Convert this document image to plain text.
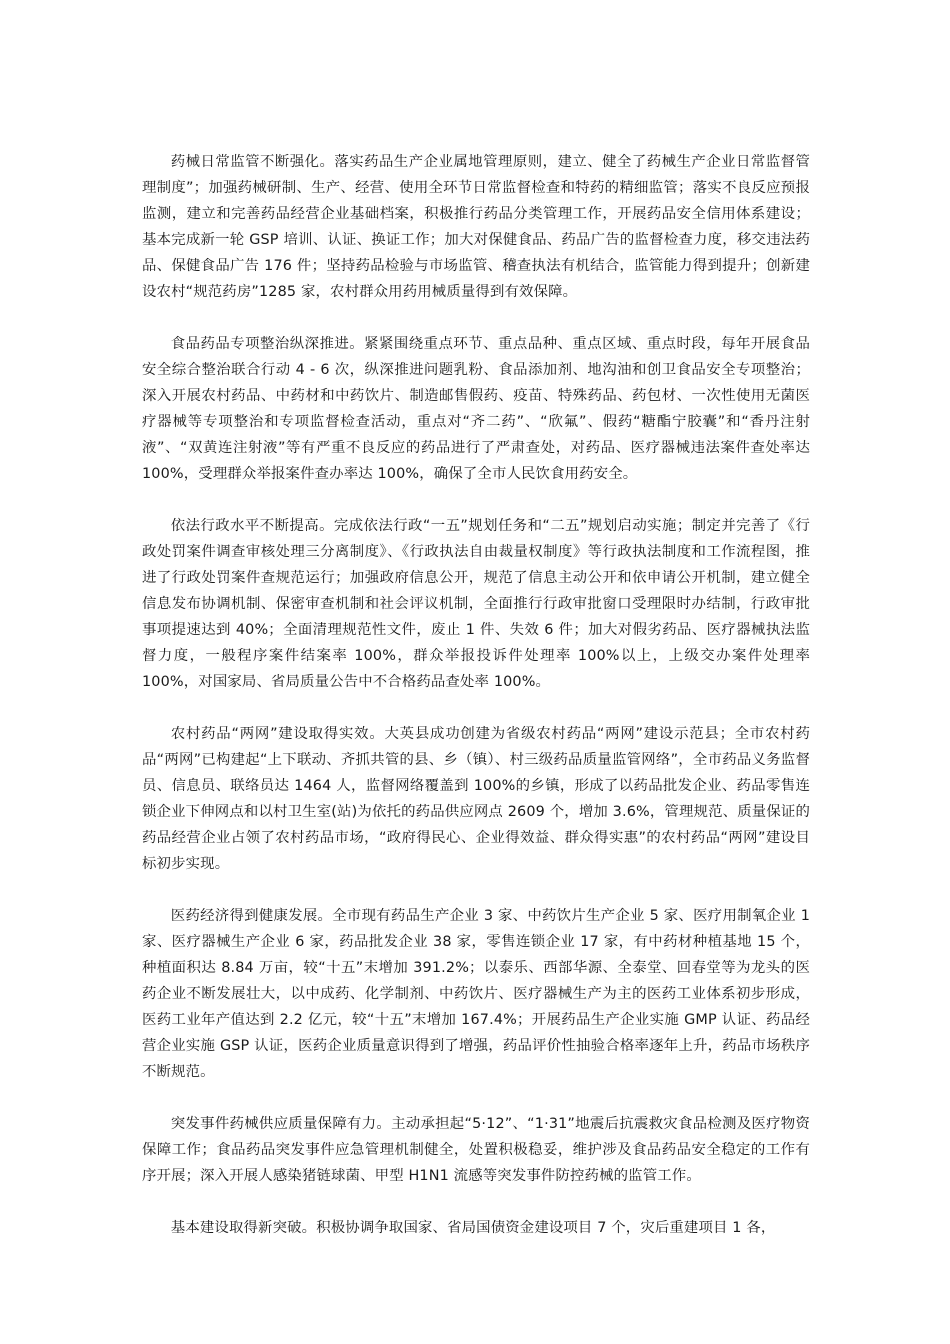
药械日常监管不断强化。落实药品生产企业属地管理原则，建立、健全了药械生产企业日常监督管理制度”；加强药械研制、生产、经营、使用全环节日常监督检查和特药的精细监管；落实不良反应预报监测，建立和完善药品经营企业基础档案，积极推行药品分类管理工作，开展药品安全信用体系建设；基本完成新一轮 GSP 培训、认证、换证工作；加大对保健食品、药品广告的监督检查力度，移交违法药品、保健食品广告 176 件；坚持药品检验与市场监管、稽查执法有机结合，监管能力得到提升；创新建设农村“规范药房”1285 家，农村群众用药用械质量得到有效保障。

食品药品专项整治纵深推进。紧紧围绕重点环节、重点品种、重点区域、重点时段，每年开展食品安全综合整治联合行动 4 - 6 次，纵深推进问题乳粉、食品添加剂、地沟油和创卫食品安全专项整治；深入开展农村药品、中药材和中药饮片、制造邮售假药、疫苗、特殊药品、药包材、一次性使用无菌医疗器械等专项整治和专项监督检查活动，重点对“齐二药”、“欣氟”、假药“糖酯宁胶囊”和“香丹注射液”、“双黄连注射液”等有严重不良反应的药品进行了严肃查处，对药品、医疗器械违法案件查处率达 100%，受理群众举报案件查办率达 100%，确保了全市人民饮食用药安全。

依法行政水平不断提高。完成依法行政“一五”规划任务和“二五”规划启动实施；制定并完善了《行政处罚案件调查审核处理三分离制度》、《行政执法自由裁量权制度》等行政执法制度和工作流程图，推进了行政处罚案件查规范运行；加强政府信息公开，规范了信息主动公开和依申请公开机制，建立健全信息发布协调机制、保密审查机制和社会评议机制，全面推行行政审批窗口受理限时办结制，行政审批事项提速达到 40%；全面清理规范性文件，废止 1 件、失效 6 件；加大对假劣药品、医疗器械执法监督力度，一般程序案件结案率 100%，群众举报投诉件处理率 100%以上，上级交办案件处理率 100%，对国家局、省局质量公告中不合格药品查处率 100%。

农村药品“两网”建设取得实效。大英县成功创建为省级农村药品“两网”建设示范县；全市农村药品“两网”已构建起“上下联动、齐抓共管的县、乡（镇）、村三级药品质量监管网络”，全市药品义务监督员、信息员、联络员达 1464 人，监督网络覆盖到 100%的乡镇，形成了以药品批发企业、药品零售连锁企业下伸网点和以村卫生室(站)为依托的药品供应网点 2609 个，增加 3.6%，管理规范、质量保证的药品经营企业占领了农村药品市场，“政府得民心、企业得效益、群众得实惠”的农村药品“两网”建设目标初步实现。

医药经济得到健康发展。全市现有药品生产企业 3 家、中药饮片生产企业 5 家、医疗用制氧企业 1 家、医疗器械生产企业 6 家，药品批发企业 38 家，零售连锁企业 17 家，有中药材种植基地 15 个，种植面积达 8.84 万亩，较“十五”末增加 391.2%；以泰乐、西部华源、全泰堂、回春堂等为龙头的医药企业不断发展壮大，以中成药、化学制剂、中药饮片、医疗器械生产为主的医药工业体系初步形成，医药工业年产值达到 2.2 亿元，较“十五”末增加 167.4%；开展药品生产企业实施 GMP 认证、药品经营企业实施 GSP 认证，医药企业质量意识得到了增强，药品评价性抽验合格率逐年上升，药品市场秩序不断规范。

突发事件药械供应质量保障有力。主动承担起“5·12”、“1·31”地震后抗震救灾食品检测及医疗物资保障工作；食品药品突发事件应急管理机制健全，处置积极稳妥，维护涉及食品药品安全稳定的工作有序开展；深入开展人感染猪链球菌、甲型 H1N1 流感等突发事件防控药械的监管工作。

基本建设取得新突破。积极协调争取国家、省局国债资金建设项目 7 个，灾后重建项目 1 各，
